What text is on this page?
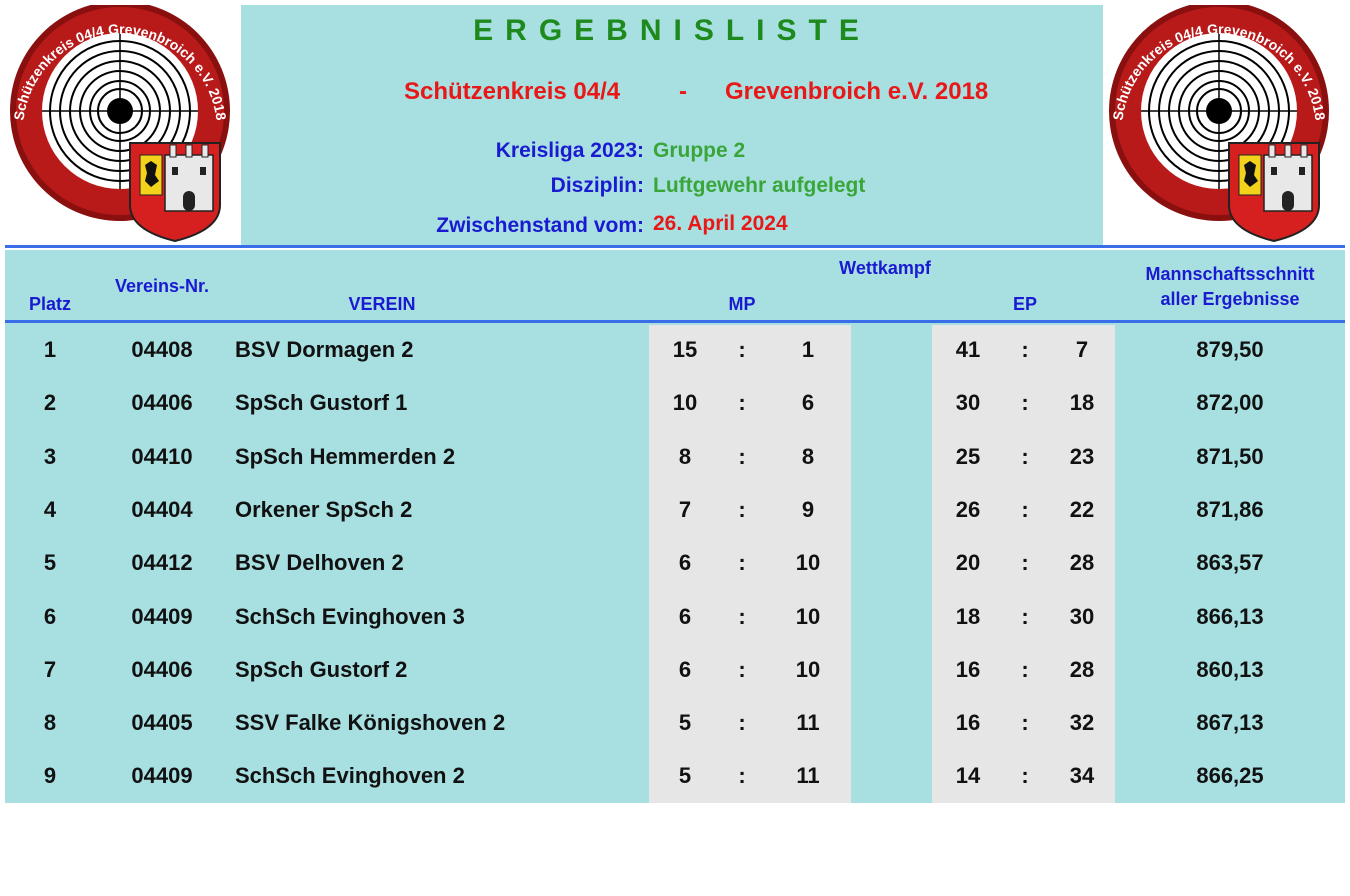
Schützenkreis 04/4 Grevenbroich e.V. 2018	Schützenkreis 04/4 Grevenbroich e.V. 2018
ERGEBNISLISTE
Schützenkreis 04/4 - Grevenbroich e.V. 2018
Kreisliga 2023: Gruppe 2
Disziplin: Luftgewehr aufgelegt
Zwischenstand vom: 26. April 2024
Platz
Vereins-Nr.
VEREIN
Wettkampf
MP	EP
Mannschaftsschnitt
aller Ergebnisse
1	04408	BSV Dormagen 2	15	:	1	41	:	7	879,50
2	04406	SpSch Gustorf 1	10	:	6	30	:	18	872,00
3	04410	SpSch Hemmerden 2	8	:	8	25	:	23	871,50
4	04404	Orkener SpSch 2	7	:	9	26	:	22	871,86
5	04412	BSV Delhoven 2	6	:	10	20	:	28	863,57
6	04409	SchSch Evinghoven 3	6	:	10	18	:	30	866,13
7	04406	SpSch Gustorf 2	6	:	10	16	:	28	860,13
8	04405	SSV Falke Königshoven 2	5	:	11	16	:	32	867,13
9	04409	SchSch Evinghoven 2	5	:	11	14	:	34	866,25
